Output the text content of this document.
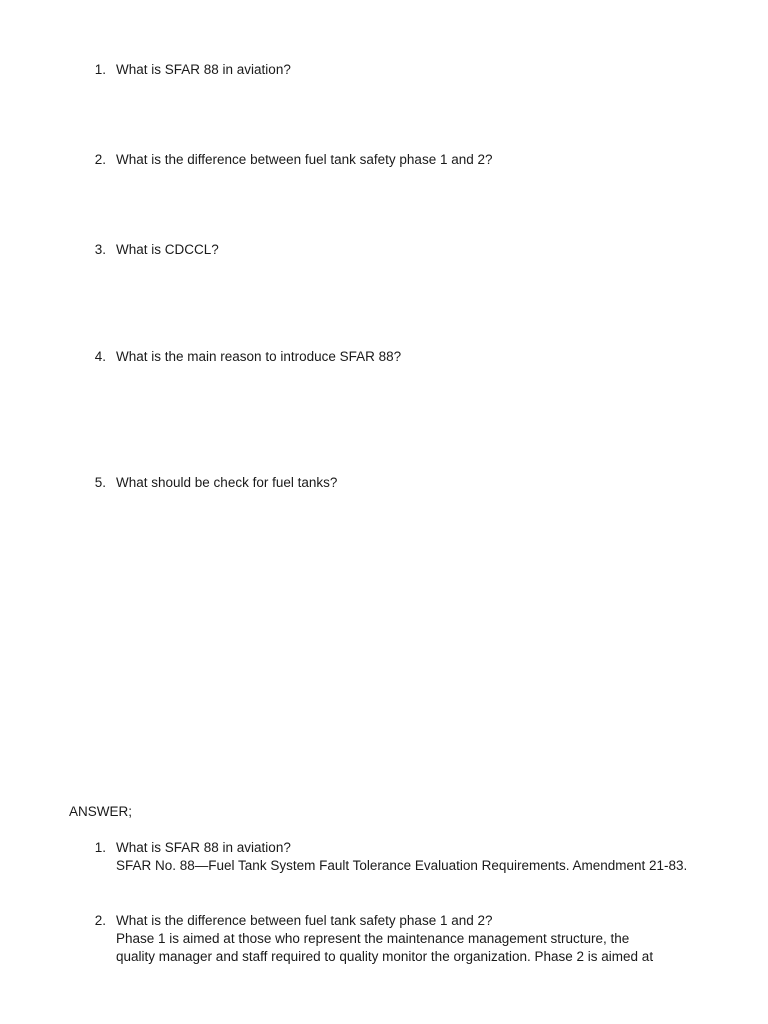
1. What is SFAR 88 in aviation?
2. What is the difference between fuel tank safety phase 1 and 2?
3. What is CDCCL?
4. What is the main reason to introduce SFAR 88?
5. What should be check for fuel tanks?
ANSWER;
1. What is SFAR 88 in aviation?
SFAR No. 88—Fuel Tank System Fault Tolerance Evaluation Requirements. Amendment 21-83.
2. What is the difference between fuel tank safety phase 1 and 2?
Phase 1 is aimed at those who represent the maintenance management structure, the
quality manager and staff required to quality monitor the organization. Phase 2 is aimed at
